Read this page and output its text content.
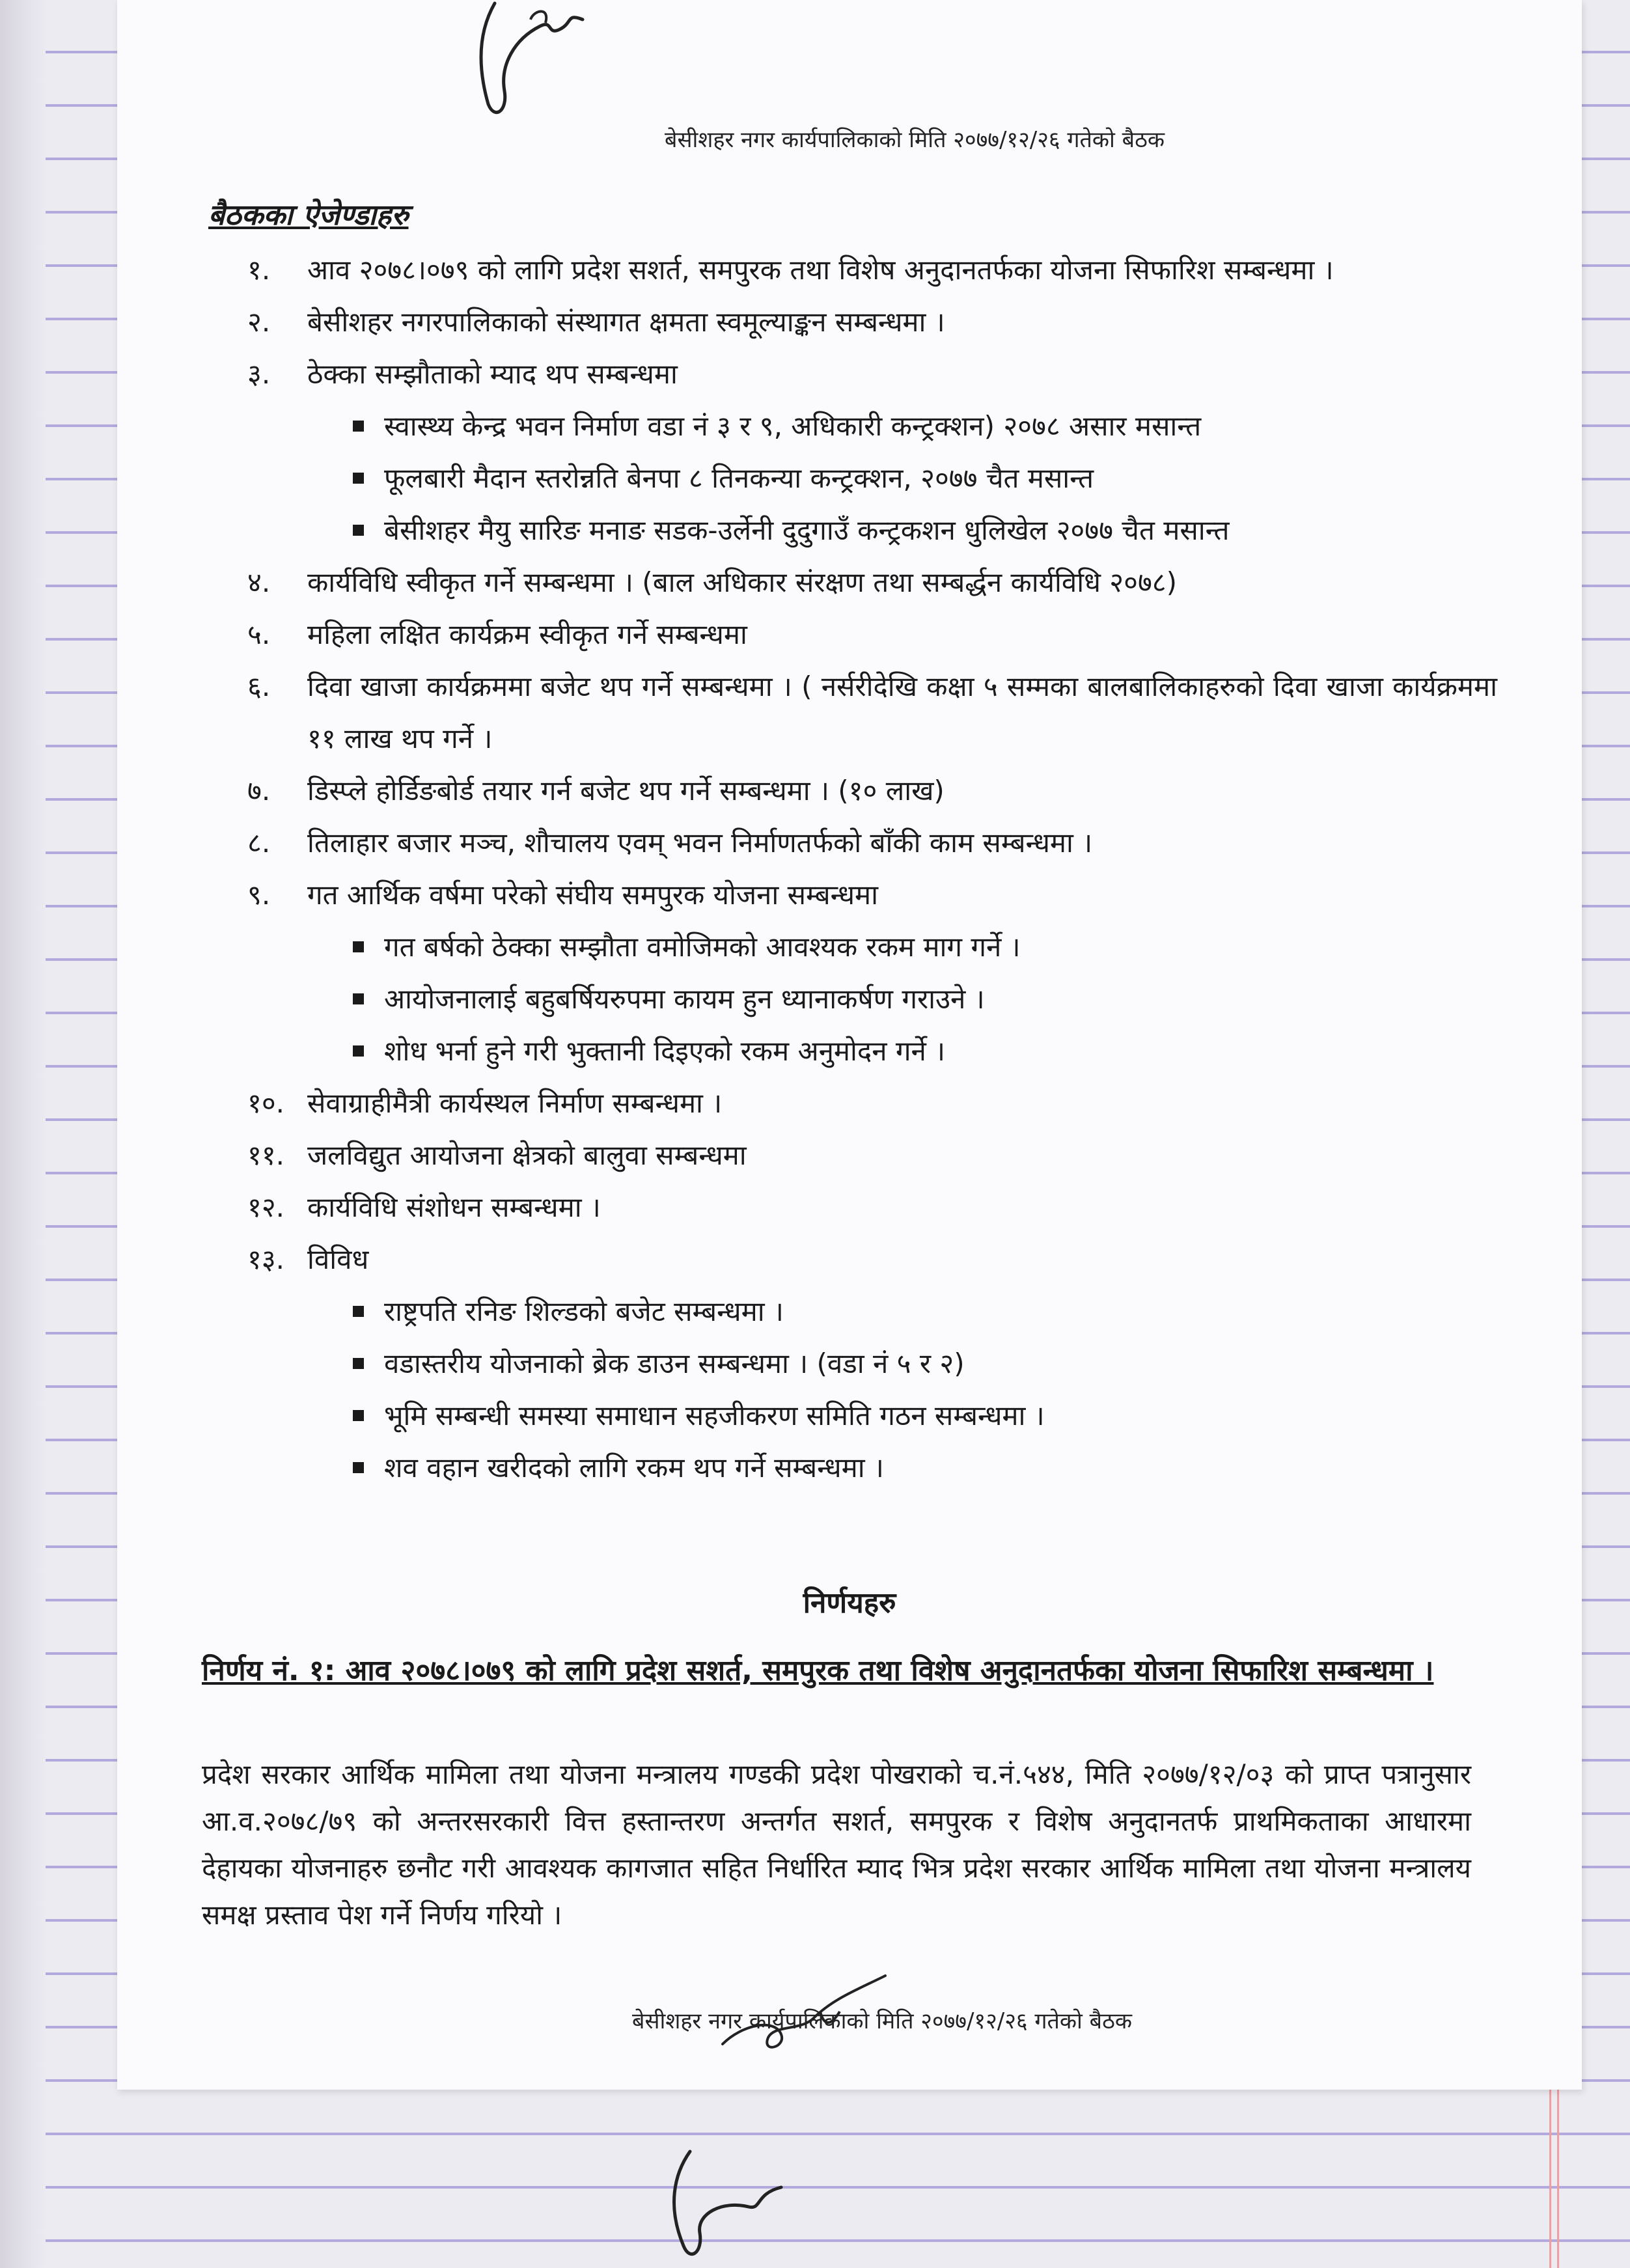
बेसीशहर नगर कार्यपालिकाको मिति २०७७/१२/२६ गतेको बैठक
बैठकका ऐजेण्डाहरु
१. आव २०७८।०७९ को लागि प्रदेश सशर्त, समपुरक तथा विशेष अनुदानतर्फका योजना सिफारिश सम्बन्धमा ।
२. बेसीशहर नगरपालिकाको संस्थागत क्षमता स्वमूल्याङ्कन सम्बन्धमा ।
३. ठेक्का सम्झौताको म्याद थप सम्बन्धमा
स्वास्थ्य केन्द्र भवन निर्माण वडा नं ३ र ९, अधिकारी कन्ट्रक्शन) २०७८ असार मसान्त
फूलबारी मैदान स्तरोन्नति बेनपा ८ तिनकन्या कन्ट्रक्शन, २०७७ चैत मसान्त
बेसीशहर मैयु सारिङ मनाङ सडक-उर्लेनी दुदुगाउँ कन्ट्रकशन धुलिखेल २०७७ चैत मसान्त
४. कार्यविधि स्वीकृत गर्ने सम्बन्धमा । (बाल अधिकार संरक्षण तथा सम्बर्द्धन कार्यविधि २०७८)
५. महिला लक्षित कार्यक्रम स्वीकृत गर्ने सम्बन्धमा
६. दिवा खाजा कार्यक्रममा बजेट थप गर्ने सम्बन्धमा । ( नर्सरीदेखि कक्षा ५ सम्मका बालबालिकाहरुको दिवा खाजा कार्यक्रममा ११ लाख थप गर्ने ।
७. डिस्प्ले होर्डिङबोर्ड तयार गर्न बजेट थप गर्ने सम्बन्धमा । (१० लाख)
८. तिलाहार बजार मञ्च, शौचालय एवम् भवन निर्माणतर्फको बाँकी काम सम्बन्धमा ।
९. गत आर्थिक वर्षमा परेको संघीय समपुरक योजना सम्बन्धमा
गत बर्षको ठेक्का सम्झौता वमोजिमको आवश्यक रकम माग गर्ने ।
आयोजनालाई बहुबर्षियरुपमा कायम हुन ध्यानाकर्षण गराउने ।
शोध भर्ना हुने गरी भुक्तानी दिइएको रकम अनुमोदन गर्ने ।
१०. सेवाग्राहीमैत्री कार्यस्थल निर्माण सम्बन्धमा ।
११. जलविद्युत आयोजना क्षेत्रको बालुवा सम्बन्धमा
१२. कार्यविधि संशोधन सम्बन्धमा ।
१३. विविध
राष्ट्रपति रनिङ शिल्डको बजेट सम्बन्धमा ।
वडास्तरीय योजनाको ब्रेक डाउन सम्बन्धमा । (वडा नं ५ र २)
भूमि सम्बन्धी समस्या समाधान सहजीकरण समिति गठन सम्बन्धमा ।
शव वहान खरीदको लागि रकम थप गर्ने सम्बन्धमा ।
निर्णयहरु
निर्णय नं. १: आव २०७८।०७९ को लागि प्रदेश सशर्त, समपुरक तथा विशेष अनुदानतर्फका योजना सिफारिश सम्बन्धमा ।
प्रदेश सरकार आर्थिक मामिला तथा योजना मन्त्रालय गण्डकी प्रदेश पोखराको च.नं.५४४, मिति २०७७/१२/०३ को प्राप्त पत्रानुसार आ.व.२०७८/७९ को अन्तरसरकारी वित्त हस्तान्तरण अन्तर्गत सशर्त, समपुरक र विशेष अनुदानतर्फ प्राथमिकताका आधारमा देहायका योजनाहरु छनौट गरी आवश्यक कागजात सहित निर्धारित म्याद भित्र प्रदेश सरकार आर्थिक मामिला तथा योजना मन्त्रालय समक्ष प्रस्ताव पेश गर्ने निर्णय गरियो ।
बेसीशहर नगर कार्यपालिकाको मिति २०७७/१२/२६ गतेको बैठक
